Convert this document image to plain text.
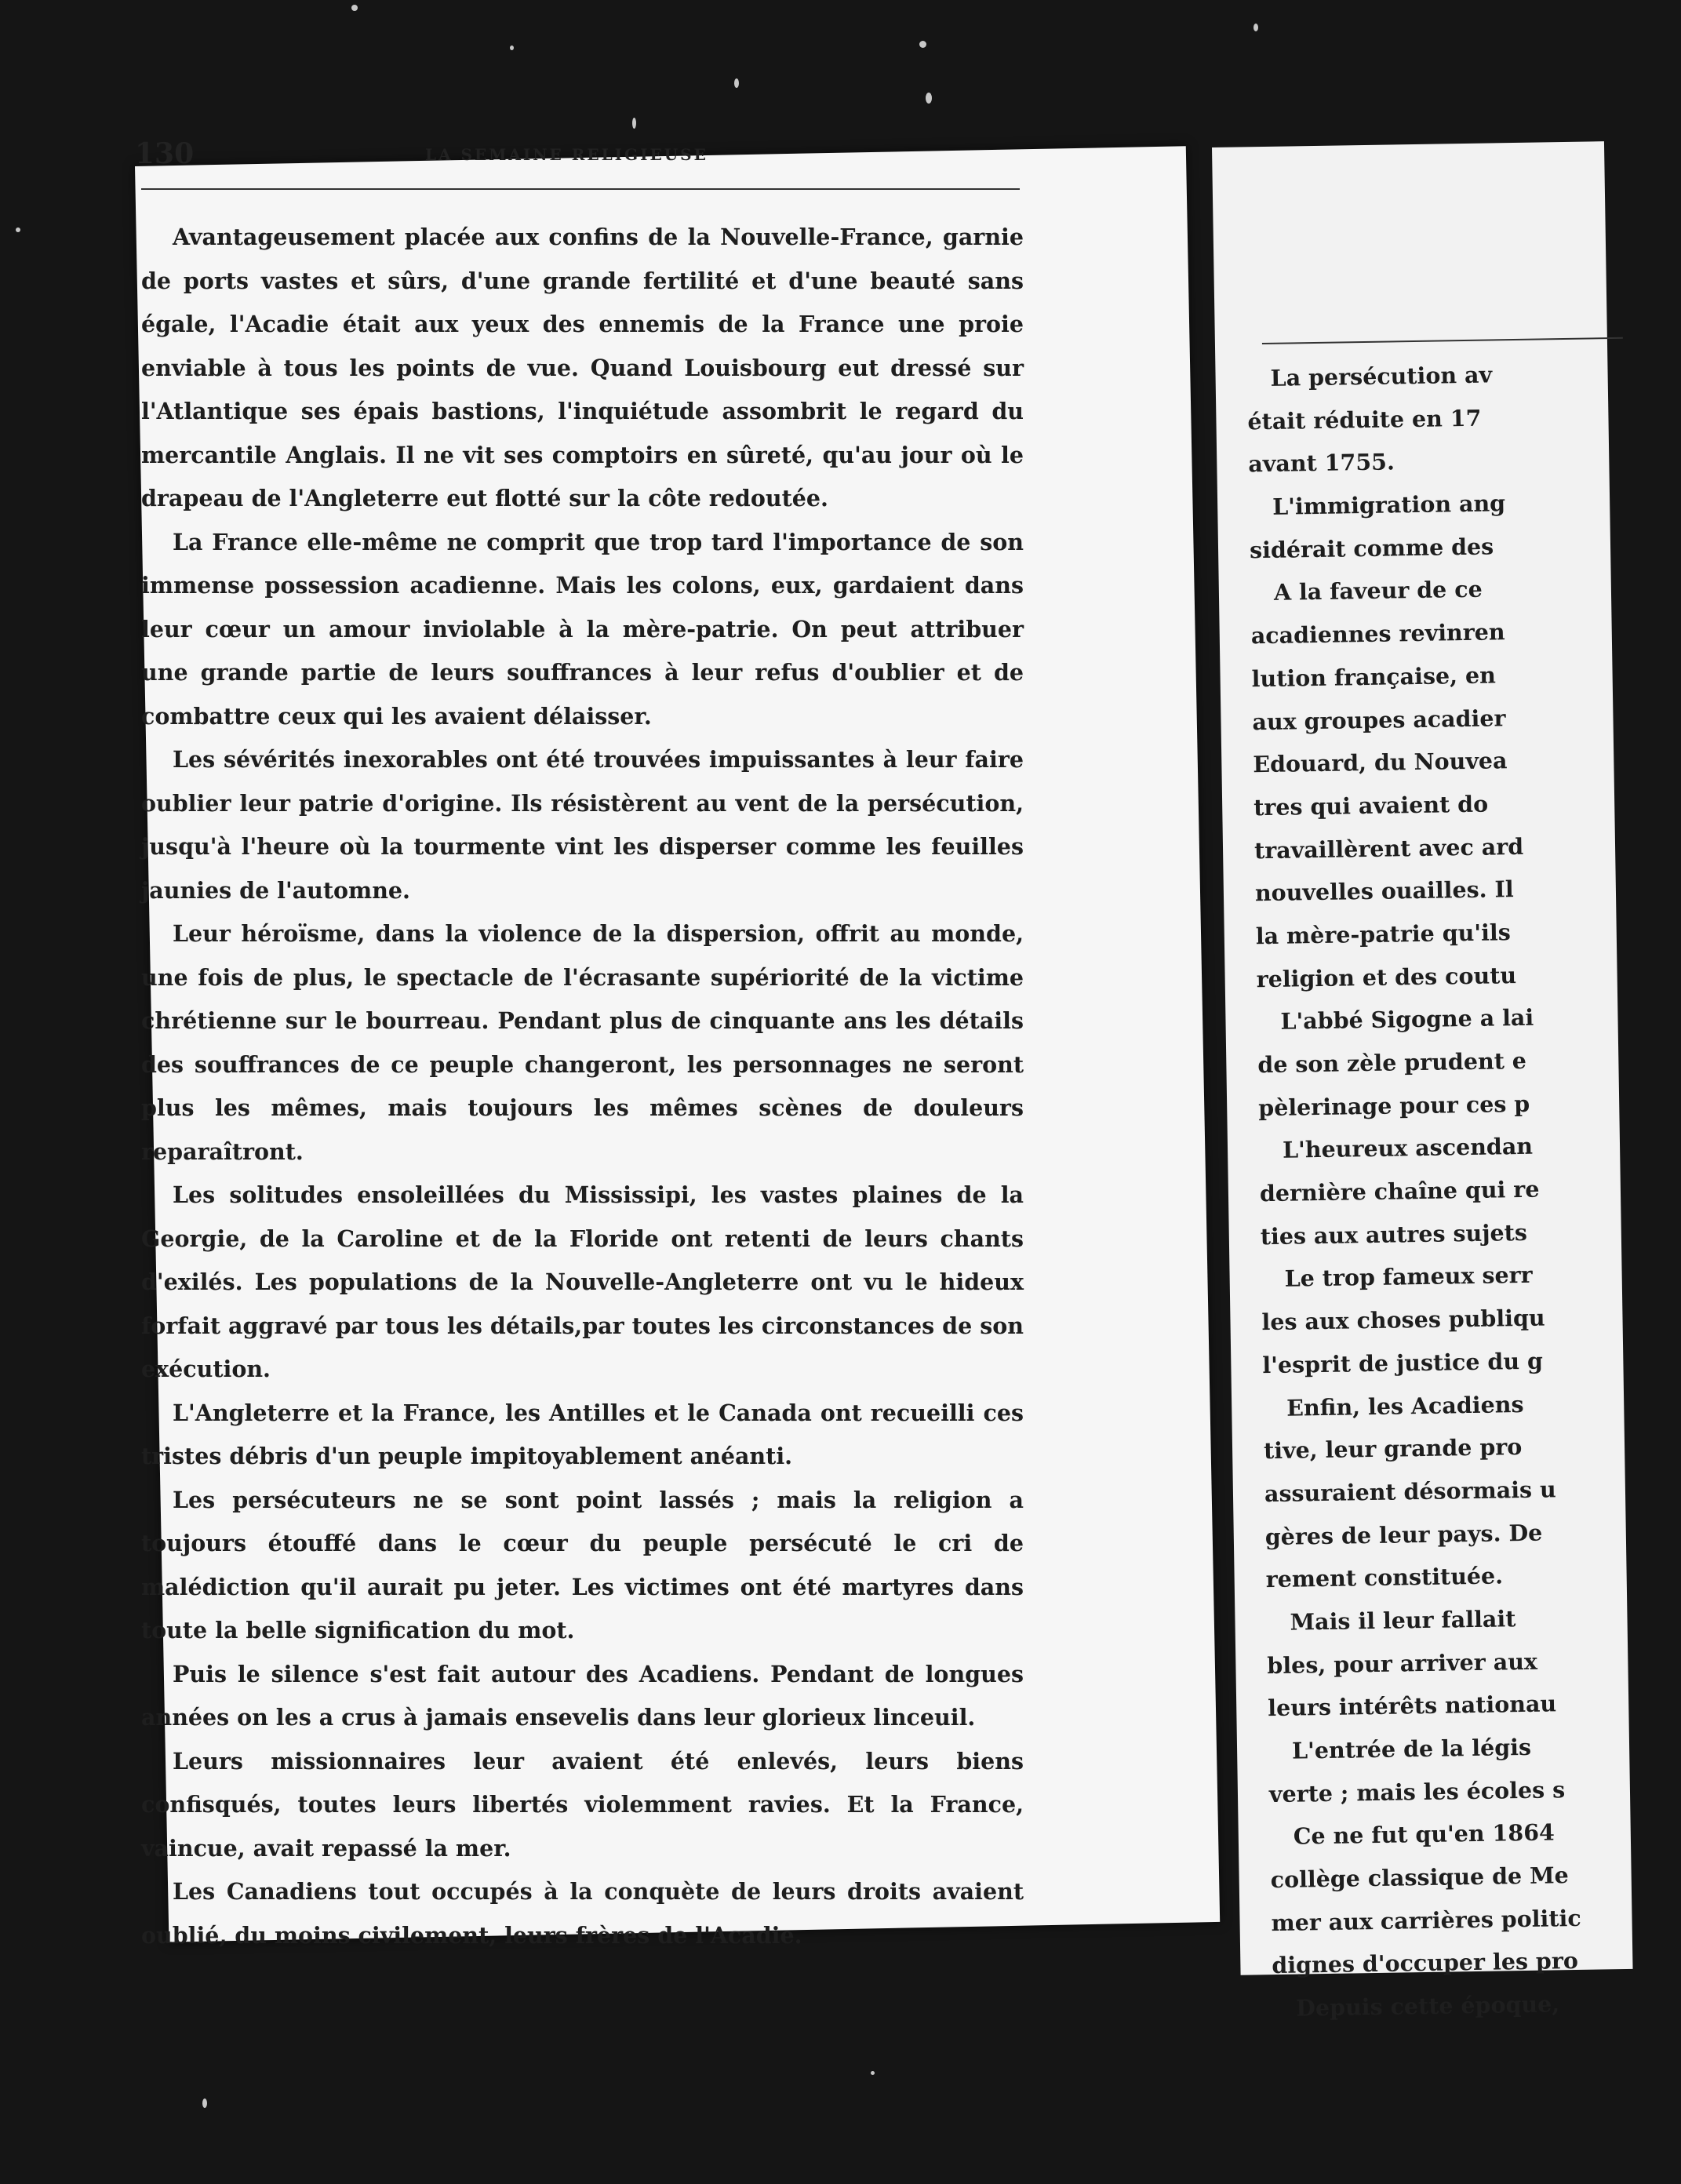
130	LA SEMAINE RELIGIEUSE

Avantageusement placée aux confins de la Nouvelle-France, garnie de ports vastes et sûrs, d'une grande fertilité et d'une beauté sans égale, l'Acadie était aux yeux des ennemis de la France une proie enviable à tous les points de vue. Quand Louisbourg eut dressé sur l'Atlantique ses épais bastions, l'inquiétude assombrit le regard du mercantile Anglais. Il ne vit ses comptoirs en sûreté, qu'au jour où le drapeau de l'Angleterre eut flotté sur la côte redoutée.

La France elle-même ne comprit que trop tard l'importance de son immense possession acadienne. Mais les colons, eux, gardaient dans leur cœur un amour inviolable à la mère-patrie. On peut attribuer une grande partie de leurs souffrances à leur refus d'oublier et de combattre ceux qui les avaient délaisser.

Les sévérités inexorables ont été trouvées impuissantes à leur faire oublier leur patrie d'origine. Ils résistèrent au vent de la persécution, jusqu'à l'heure où la tourmente vint les disperser comme les feuilles jaunies de l'automne.

Leur héroïsme, dans la violence de la dispersion, offrit au monde, une fois de plus, le spectacle de l'écrasante supériorité de la victime chrétienne sur le bourreau. Pendant plus de cinquante ans les détails des souffrances de ce peuple changeront, les personnages ne seront plus les mêmes, mais toujours les mêmes scènes de douleurs reparaîtront.

Les solitudes ensoleillées du Mississipi, les vastes plaines de la Georgie, de la Caroline et de la Floride ont retenti de leurs chants d'exilés. Les populations de la Nouvelle-Angleterre ont vu le hideux forfait aggravé par tous les détails,par toutes les circonstances de son exécution.

L'Angleterre et la France, les Antilles et le Canada ont recueilli ces tristes débris d'un peuple impitoyablement anéanti.

Les persécuteurs ne se sont point lassés ; mais la religion a toujours étouffé dans le cœur du peuple persécuté le cri de malédiction qu'il aurait pu jeter. Les victimes ont été martyres dans toute la belle signification du mot.

Puis le silence s'est fait autour des Acadiens. Pendant de longues années on les a crus à jamais ensevelis dans leur glorieux linceuil.

Leurs missionnaires leur avaient été enlevés, leurs biens confisqués, toutes leurs libertés violemment ravies. Et la France, vaincue, avait repassé la mer.

Les Canadiens tout occupés à la conquète de leurs droits avaient oublié, du moins civilement, leurs frères de l'Acadie.

La persécution av
était réduite en 17
avant 1755.
L'immigration ang
sidérait comme des
A la faveur de ce
acadiennes revinren
lution française, en
aux groupes acadier
Edouard, du Nouvea
tres qui avaient do
travaillèrent avec ard
nouvelles ouailles. Il
la mère-patrie qu'ils
religion et des coutu
L'abbé Sigogne a lai
de son zèle prudent e
pèlerinage pour ces p
L'heureux ascendan
dernière chaîne qui re
ties aux autres sujets
Le trop fameux serr
les aux choses publiqu
l'esprit de justice du g
Enfin, les Acadiens
tive, leur grande pro
assuraient désormais u
gères de leur pays. De
rement constituée.
Mais il leur fallait
bles, pour arriver aux
leurs intérêts nationau
L'entrée de la légis
verte ; mais les écoles s
Ce ne fut qu'en 1864
collège classique de Me
mer aux carrières politic
dignes d'occuper les pro
Depuis cette époque,
